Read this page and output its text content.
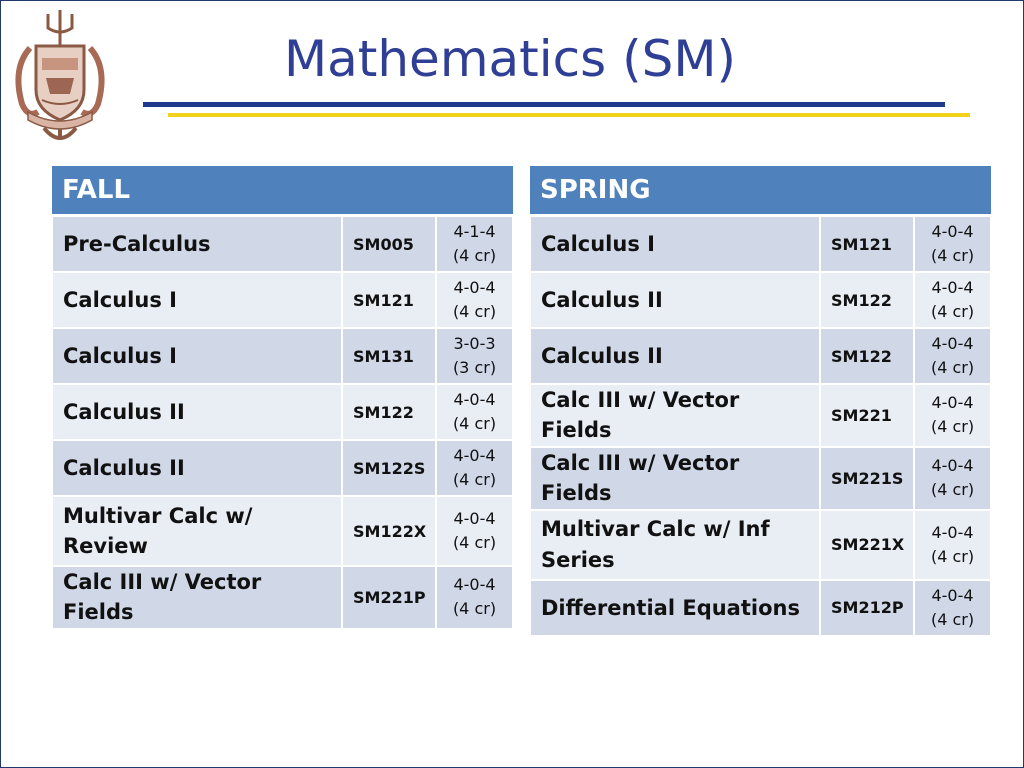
Mathematics (SM)
FALL		
Pre-Calculus	SM005	4-1-4
(4 cr)

Calculus I	SM121	4-0-4
(4 cr)

Calculus I	SM131	3-0-3
(3 cr)

Calculus II	SM122	4-0-4
(4 cr)

Calculus II	SM122S	4-0-4
(4 cr)

Multivar Calc w/ Review	SM122X	4-0-4
(4 cr)

Calc III w/ Vector Fields	SM221P	4-0-4
(4 cr)
SPRING		
Calculus I	SM121	4-0-4
(4 cr)

Calculus II	SM122	4-0-4
(4 cr)

Calculus II	SM122	4-0-4
(4 cr)

Calc III w/ Vector Fields	SM221	4-0-4
(4 cr)

Calc III w/ Vector Fields	SM221S	4-0-4
(4 cr)

Multivar Calc w/ Inf Series	SM221X	4-0-4
(4 cr)

Differential Equations	SM212P	4-0-4
(4 cr)
